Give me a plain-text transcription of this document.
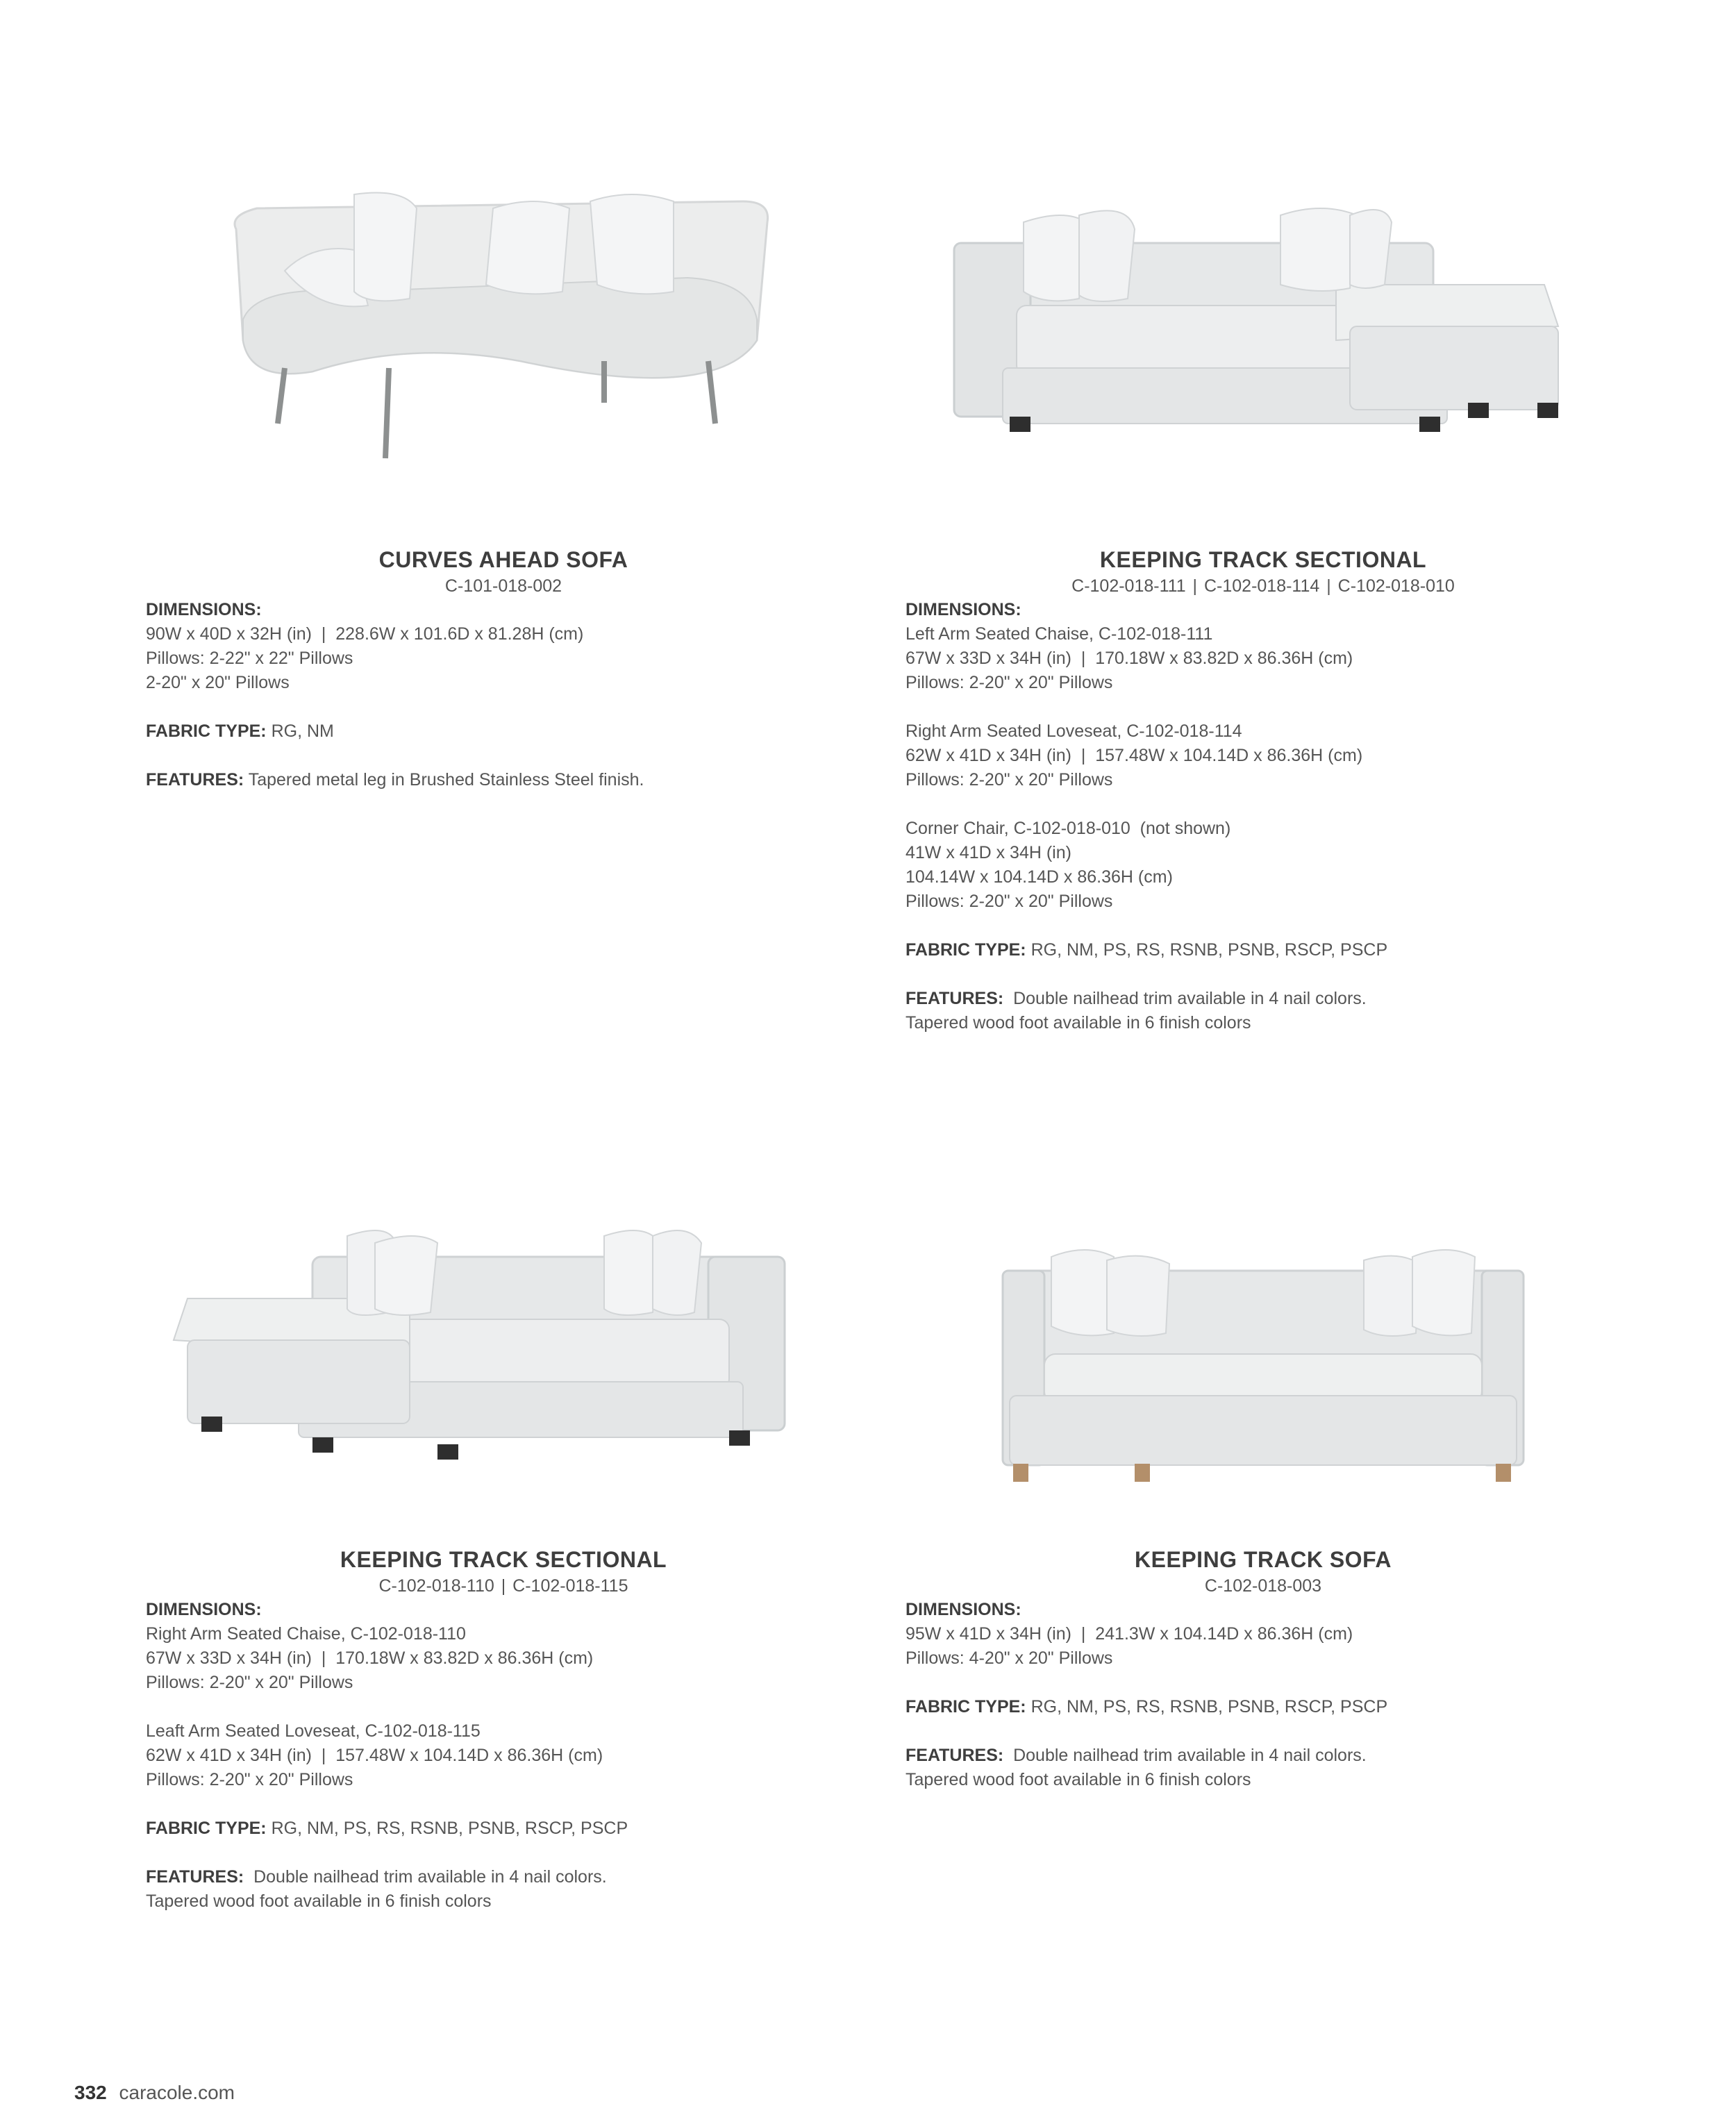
CURVES AHEAD SOFA
C-101-018-002
DIMENSIONS:
90W x 40D x 32H (in)  |  228.6W x 101.6D x 81.28H (cm)
Pillows: 2-22" x 22" Pillows
2-20" x 20" Pillows
FABRIC TYPE: RG, NM
FEATURES: Tapered metal leg in Brushed Stainless Steel finish.
KEEPING TRACK SECTIONAL
C-102-018-111 | C-102-018-114 | C-102-018-010
DIMENSIONS:
Left Arm Seated Chaise, C-102-018-111
67W x 33D x 34H (in)  |  170.18W x 83.82D x 86.36H (cm)
Pillows: 2-20" x 20" Pillows
Right Arm Seated Loveseat, C-102-018-114
62W x 41D x 34H (in)  |  157.48W x 104.14D x 86.36H (cm)
Pillows: 2-20" x 20" Pillows
Corner Chair, C-102-018-010  (not shown)
41W x 41D x 34H (in)
104.14W x 104.14D x 86.36H (cm)
Pillows: 2-20" x 20" Pillows
FABRIC TYPE: RG, NM, PS, RS, RSNB, PSNB, RSCP, PSCP
FEATURES:  Double nailhead trim available in 4 nail colors.
Tapered wood foot available in 6 finish colors
KEEPING TRACK SECTIONAL
C-102-018-110 | C-102-018-115
DIMENSIONS:
Right Arm Seated Chaise, C-102-018-110
67W x 33D x 34H (in)  |  170.18W x 83.82D x 86.36H (cm)
Pillows: 2-20" x 20" Pillows
Leaft Arm Seated Loveseat, C-102-018-115
62W x 41D x 34H (in)  |  157.48W x 104.14D x 86.36H (cm)
Pillows: 2-20" x 20" Pillows
FABRIC TYPE: RG, NM, PS, RS, RSNB, PSNB, RSCP, PSCP
FEATURES:  Double nailhead trim available in 4 nail colors.
Tapered wood foot available in 6 finish colors
KEEPING TRACK SOFA
C-102-018-003
DIMENSIONS:
95W x 41D x 34H (in)  |  241.3W x 104.14D x 86.36H (cm)
Pillows: 4-20" x 20" Pillows
FABRIC TYPE: RG, NM, PS, RS, RSNB, PSNB, RSCP, PSCP
FEATURES:  Double nailhead trim available in 4 nail colors.
Tapered wood foot available in 6 finish colors
332 caracole.com
